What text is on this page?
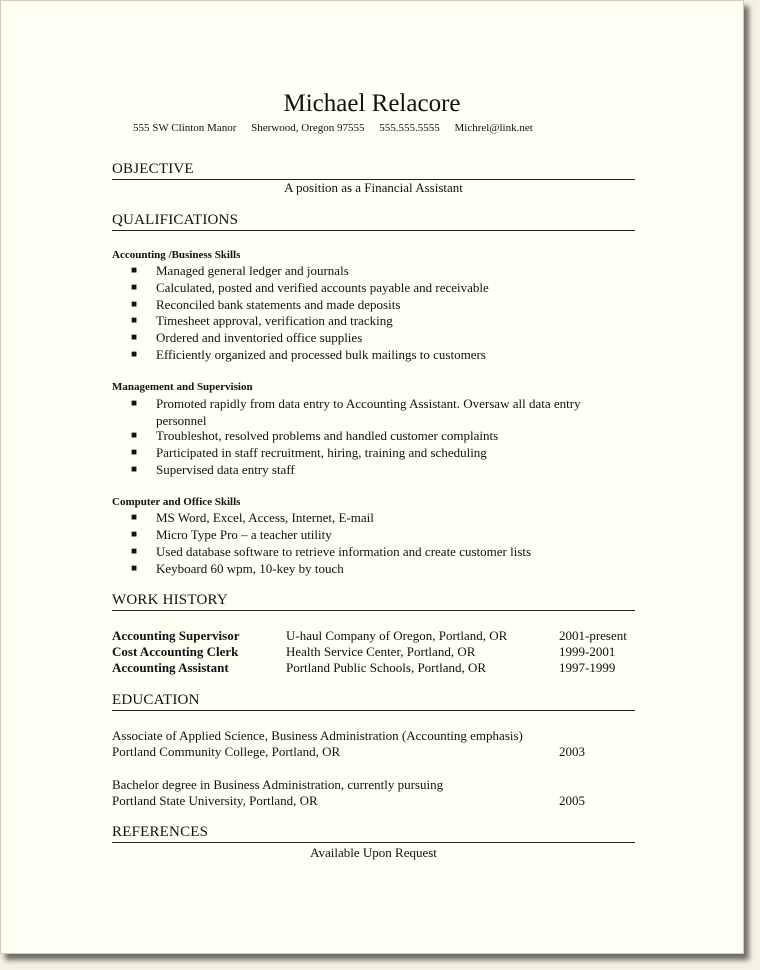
Michael Relacore
555 SW Clinton Manor Sherwood, Oregon 97555 555.555.5555 Michrel@link.net
OBJECTIVE
A position as a Financial Assistant
QUALIFICATIONS
Accounting /Business Skills
■ Managed general ledger and journals
■ Calculated, posted and verified accounts payable and receivable
■ Reconciled bank statements and made deposits
■ Timesheet approval, verification and tracking
■ Ordered and inventoried office supplies
■ Efficiently organized and processed bulk mailings to customers
Management and Supervision
■ Promoted rapidly from data entry to Accounting Assistant. Oversaw all data entry personnel
■ Troubleshot, resolved problems and handled customer complaints
■ Participated in staff recruitment, hiring, training and scheduling
■ Supervised data entry staff
Computer and Office Skills
■ MS Word, Excel, Access, Internet, E-mail
■ Micro Type Pro – a teacher utility
■ Used database software to retrieve information and create customer lists
■ Keyboard 60 wpm, 10-key by touch
WORK HISTORY
Accounting Supervisor	U-haul Company of Oregon, Portland, OR	2001-present
Cost Accounting Clerk	Health Service Center, Portland, OR	1999-2001
Accounting Assistant	Portland Public Schools, Portland, OR	1997-1999
EDUCATION
Associate of Applied Science, Business Administration (Accounting emphasis)
Portland Community College, Portland, OR	2003
Bachelor degree in Business Administration, currently pursuing
Portland State University, Portland, OR	2005
REFERENCES
Available Upon Request
